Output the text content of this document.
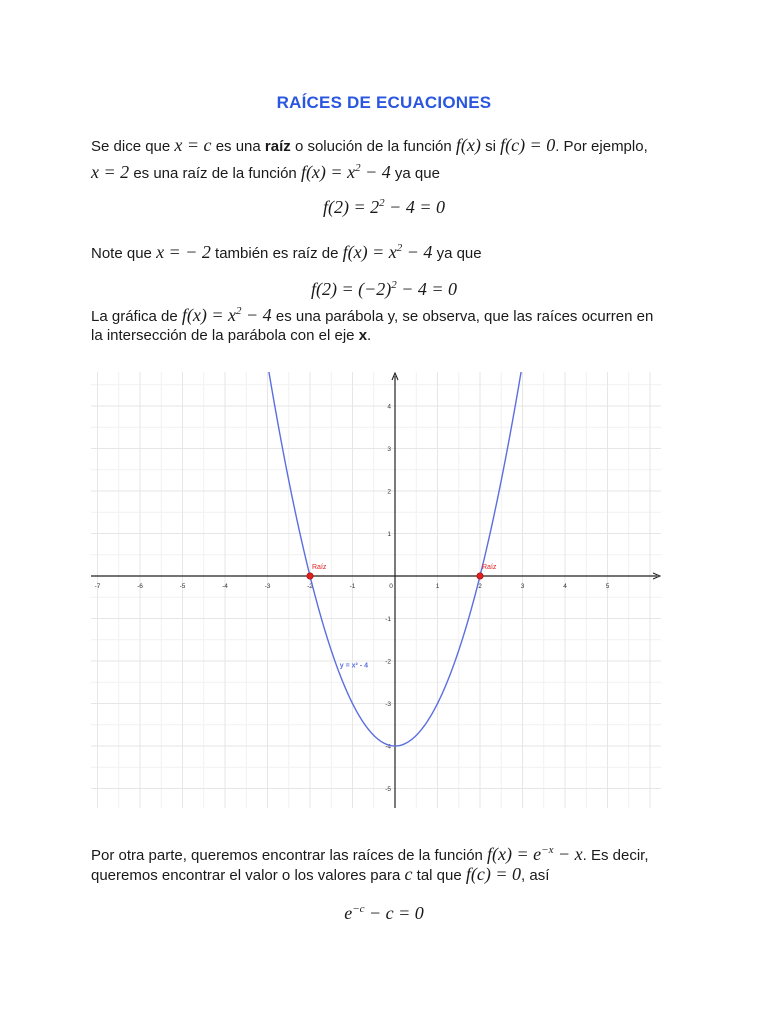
RAÍCES DE ECUACIONES
Se dice que x = c es una raíz o solución de la función f(x) si f(c) = 0. Por ejemplo,
x = 2 es una raíz de la función $f(x) = x^2 - 4$ ya que
$f(2) = 2^2 - 4 = 0$
Note que x = − 2 también es raíz de $f(x) = x^2 - 4$ ya que
$f(2) = (-2)^2 - 4 = 0$
La gráfica de $f(x) = x^2 - 4$ es una parábola y, se observa, que las raíces ocurren en
la intersección de la parábola con el eje x.
-7	-6	-5	-4	-3	-2	-1	0	1	2	3	4	5
4
3
2
1
-1
-2
-3
-4
-5
Raíz	Raíz
y = x² - 4
Por otra parte, queremos encontrar las raíces de la función $f(x) = e^{-x} - x$. Es decir,
queremos encontrar el valor o los valores para c tal que f(c) = 0, así
$e^{-c} - c = 0$
